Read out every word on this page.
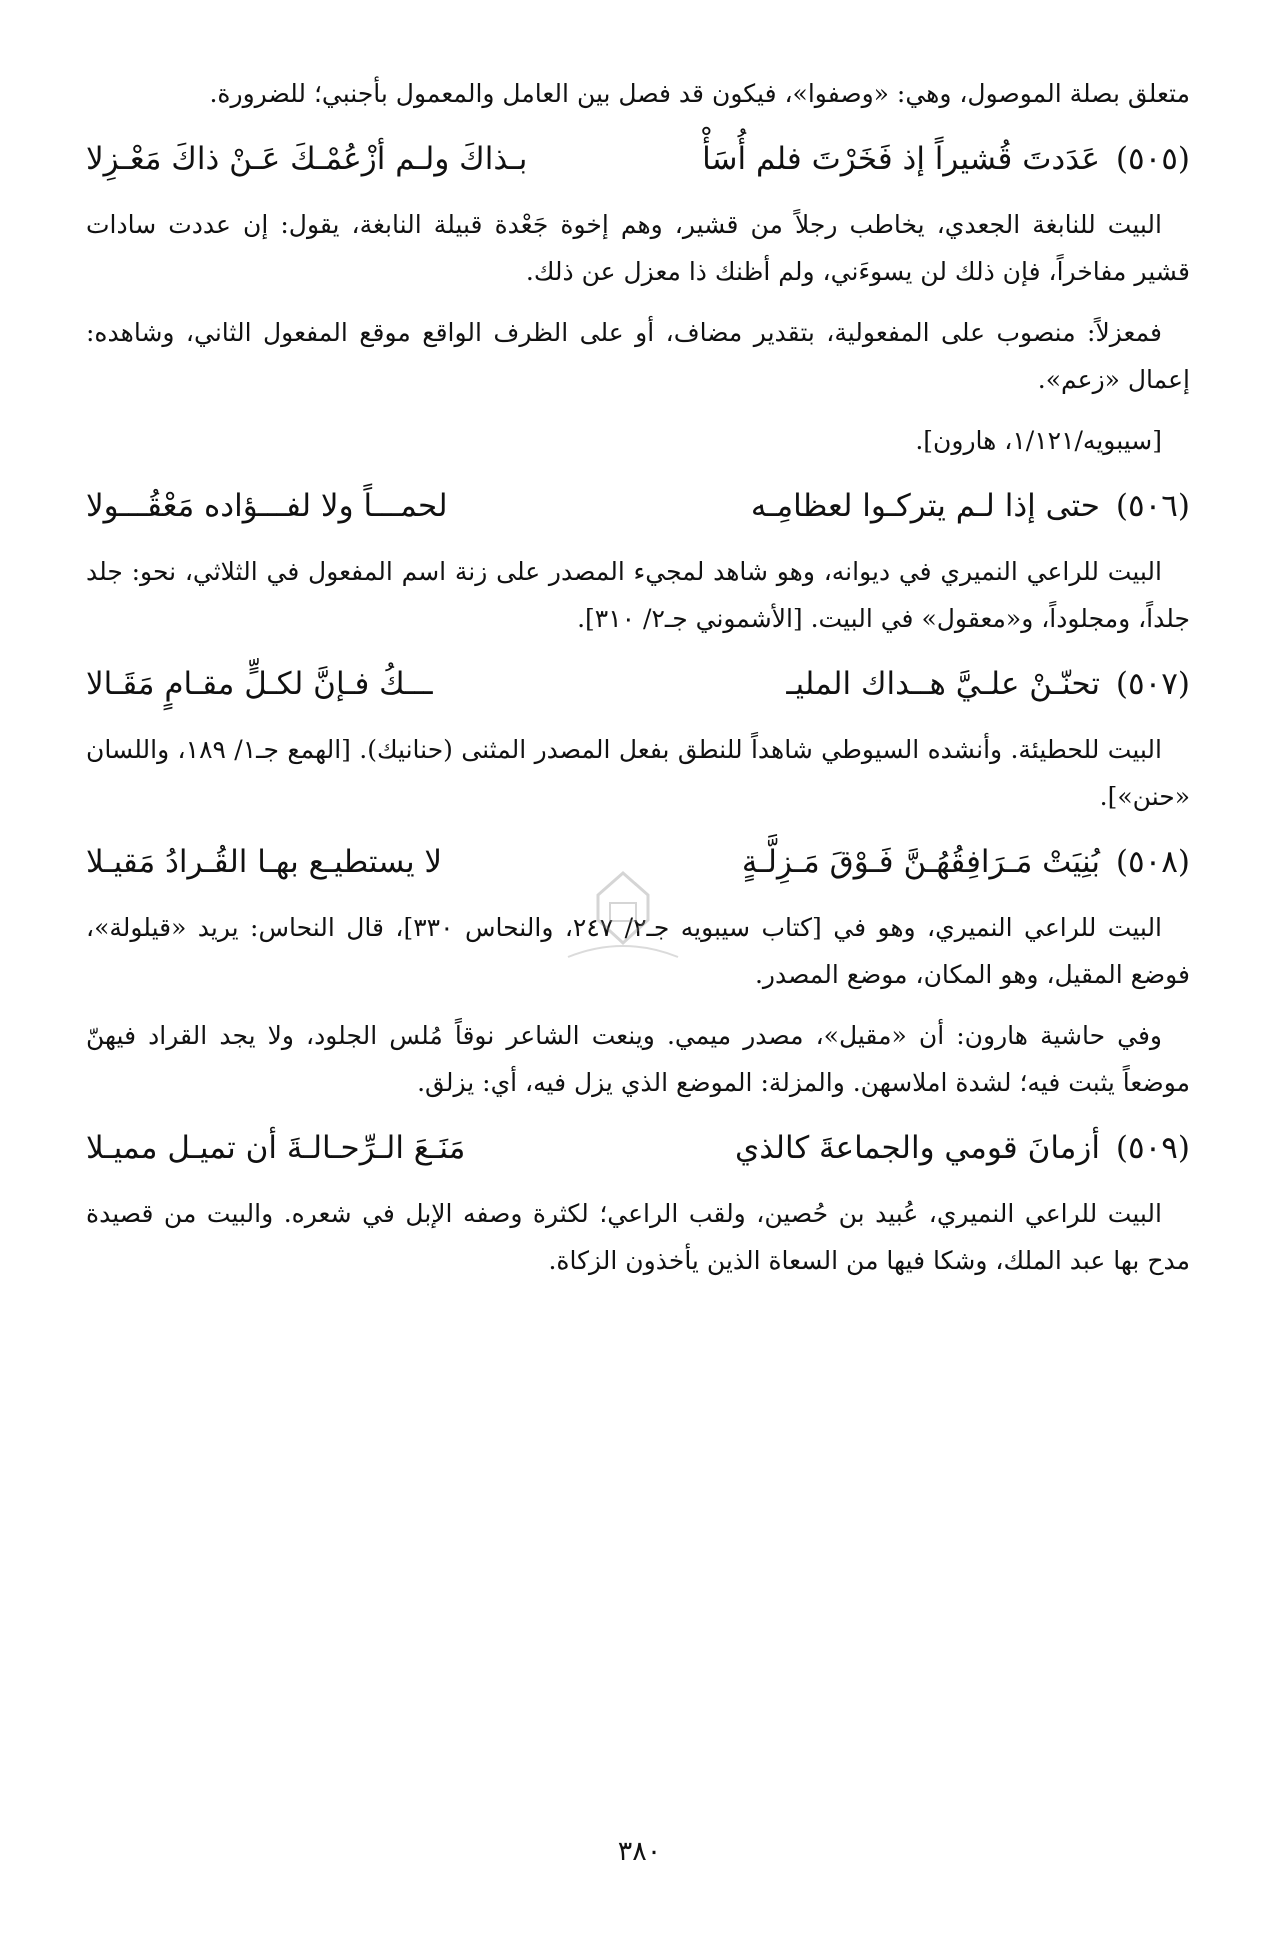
متعلق بصلة الموصول، وهي: «وصفوا»، فيكون قد فصل بين العامل والمعمول بأجنبي؛ للضرورة.

(٥٠٥) عَدَدتَ قُشيراً إذ فَخَرْتَ فلم أُسَأْ
بـذاكَ ولـم أزْعُمْـكَ عَـنْ ذاكَ مَعْـزِلا

البيت للنابغة الجعدي، يخاطب رجلاً من قشير، وهم إخوة جَعْدة قبيلة النابغة، يقول: إن عددت سادات قشير مفاخراً، فإن ذلك لن يسوءَني، ولم أظنك ذا معزل عن ذلك.

فمعزلاً: منصوب على المفعولية، بتقدير مضاف، أو على الظرف الواقع موقع المفعول الثاني، وشاهده: إعمال «زعم».

[سيبويه/١/١٢١، هارون].

(٥٠٦) حتى إذا لـم يتركـوا لعظامِـه
لحمـــاً ولا لفـــؤاده مَعْقُـــولا

البيت للراعي النميري في ديوانه، وهو شاهد لمجيء المصدر على زنة اسم المفعول في الثلاثي، نحو: جلد جلداً، ومجلوداً، و«معقول» في البيت. [الأشموني جـ٢/ ٣١٠].

(٥٠٧) تحنّـنْ علـيَّ هــداك المليـ
ـــكُ فـإنَّ لكـلٍّ مقـامٍ مَقَـالا

البيت للحطيئة. وأنشده السيوطي شاهداً للنطق بفعل المصدر المثنى (حنانيك). [الهمع جـ١/ ١٨٩، واللسان «حنن»].

(٥٠٨) بُنِيَتْ مَـرَافِقُهُـنَّ فَـوْقَ مَـزِلَّـةٍ
لا يستطيـع بهـا القُـرادُ مَقيـلا

البيت للراعي النميري، وهو في [كتاب سيبويه جـ٢/ ٢٤٧، والنحاس ٣٣٠]، قال النحاس: يريد «قيلولة»، فوضع المقيل، وهو المكان، موضع المصدر.

وفي حاشية هارون: أن «مقيل»، مصدر ميمي. وينعت الشاعر نوقاً مُلس الجلود، ولا يجد القراد فيهنّ موضعاً يثبت فيه؛ لشدة املاسهن. والمزلة: الموضع الذي يزل فيه، أي: يزلق.

(٥٠٩) أزمانَ قومي والجماعةَ كالذي
مَنَـعَ الـرِّحـالـةَ أن تميـل مميـلا

البيت للراعي النميري، عُبيد بن حُصين، ولقب الراعي؛ لكثرة وصفه الإبل في شعره. والبيت من قصيدة مدح بها عبد الملك، وشكا فيها من السعاة الذين يأخذون الزكاة.

٣٨٠
